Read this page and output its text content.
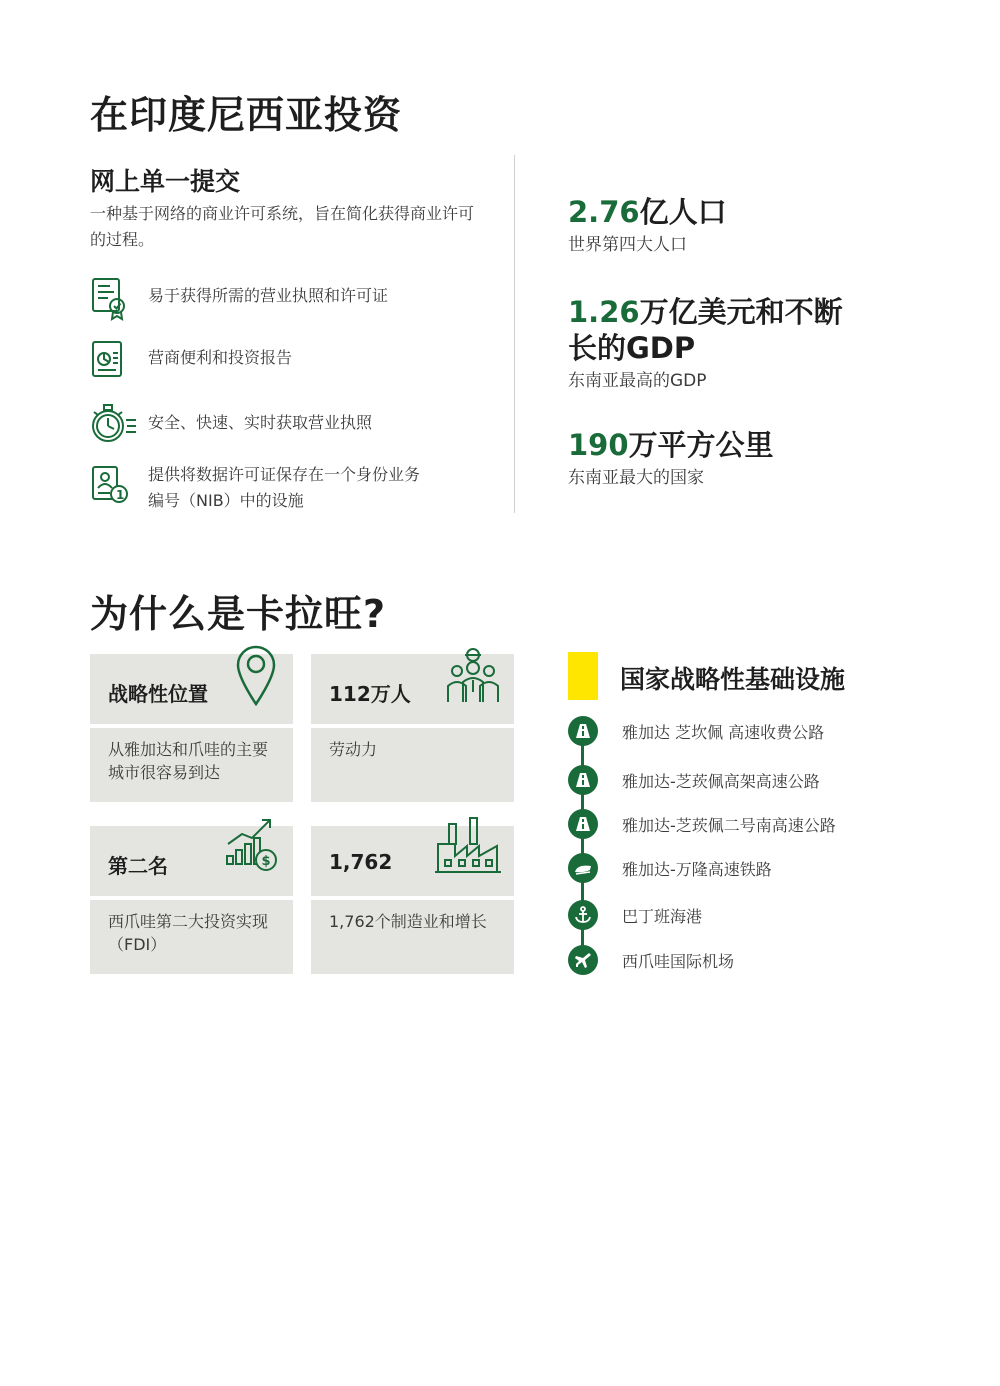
在印度尼西亚投资
网上单一提交
一种基于网络的商业许可系统，旨在简化获得商业许可的过程。
易于获得所需的营业执照和许可证
营商便利和投资报告
安全、快速、实时获取营业执照
1
提供将数据许可证保存在一个身份业务编号（NIB）中的设施
2.76亿人口
世界第四大人口
1.26万亿美元和不断长的GDP
东南亚最高的GDP
190万平方公里
东南亚最大的国家
为什么是卡拉旺?
战略性位置
从雅加达和爪哇的主要城市很容易到达
112万人
劳动力
第二名
西爪哇第二大投资实现（FDI）
$	1,762
1,762个制造业和增长
国家战略性基础设施
雅加达 芝坎佩 高速收费公路
雅加达-芝莰佩高架高速公路
雅加达-芝莰佩二号南高速公路
雅加达-万隆高速铁路
巴丁班海港
西爪哇国际机场
